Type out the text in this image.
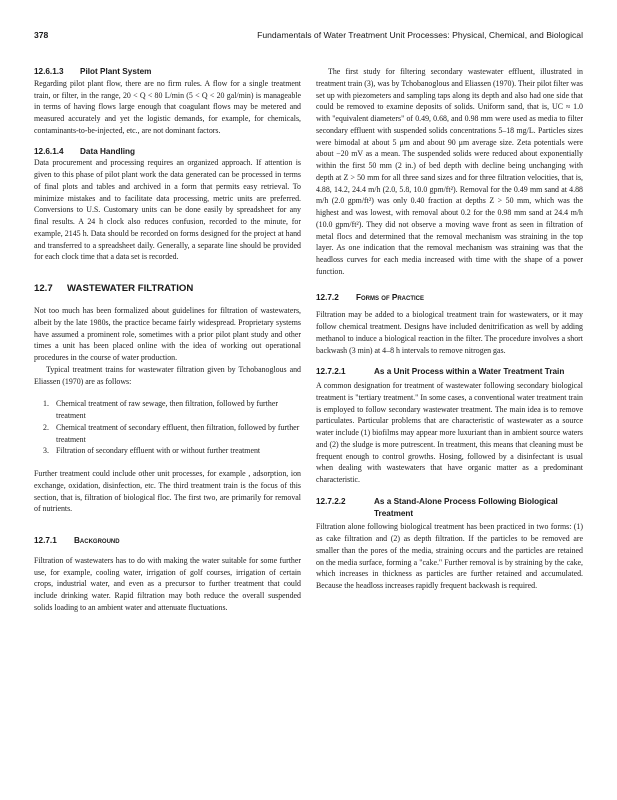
378	Fundamentals of Water Treatment Unit Processes: Physical, Chemical, and Biological
12.6.1.3 Pilot Plant System

Regarding pilot plant flow, there are no firm rules. A flow for a single treatment train, or filter, in the range, 20 < Q < 80 L/min (5 < Q < 20 gal/min) is manageable in terms of having flows large enough that coagulant flows may be metered and measured accurately and yet the logistic demands, for example, for chemicals, contaminants-to-be-injected, etc., are not dominant factors.

12.6.1.4 Data Handling

Data procurement and processing requires an organized approach. If attention is given to this phase of pilot plant work the data generated can be processed in terms of final plots and tables and archived in a form that permits easy retrieval. To minimize mistakes and to facilitate data processing, metric units are preferred. Conversions to U.S. Customary units can be done easily by spreadsheet for any final results. A 24 h clock also reduces confusion, recorded to the minute, for example, 2145 h. Data should be recorded on forms designed for the project at hand and transferred to a spreadsheet daily. Generally, a separate line should be provided for each clock time that a data set is recorded.

12.7 WASTEWATER FILTRATION

Not too much has been formalized about guidelines for filtration of wastewaters, albeit by the late 1980s, the practice became fairly widespread. Proprietary systems have assumed a prominent role, sometimes with a prior pilot plant study and other times a unit has been placed online with the idea of working out operational procedures in the course of water production.

Typical treatment trains for wastewater filtration given by Tchobanoglous and Eliassen (1970) are as follows:

1. Chemical treatment of raw sewage, then filtration, followed by further treatment
2. Chemical treatment of secondary effluent, then filtration, followed by further treatment
3. Filtration of secondary effluent with or without further treatment

Further treatment could include other unit processes, for example , adsorption, ion exchange, oxidation, disinfection, etc. The third treatment train is the focus of this section, that is, filtration of biological floc. The first two, are primarily for removal of nutrients.

12.7.1 Background

Filtration of wastewaters has to do with making the water suitable for some further use, for example, cooling water, irrigation of golf courses, irrigation of certain crops, industrial water, and even as a precursor to further treatment that could include drinking water. Rapid filtration may both reduce the overall suspended solids loading to an ambient water and attenuate fluctuations.

The first study for filtering secondary wastewater effluent, illustrated in treatment train (3), was by Tchobanoglous and Eliassen (1970). Their pilot filter was set up with piezometers and sampling taps along its depth and also had one side that could be removed to examine deposits of solids. Uniform sand, that is, UC ≈ 1.0 with "equivalent diameters" of 0.49, 0.68, and 0.98 mm were used as media to filter secondary effluent with suspended solids concentrations 5–18 mg/L. Particles sizes were bimodal at about 5 μm and about 90 μm average size. Zeta potentials were about −20 mV as a mean. The suspended solids were reduced about exponentially within the first 50 mm (2 in.) of bed depth with decline being unchanging with depth at Z > 50 mm for all three sand sizes and for three filtration velocities, that is, 4.88, 14.2, 24.4 m/h (2.0, 5.8, 10.0 gpm/ft²). Removal for the 0.49 mm sand at 4.88 m/h (2.0 gpm/ft²) was only 0.40 fraction at depths Z > 50 mm, which was the highest and was lowest, with removal about 0.2 for the 0.98 mm sand at 24.4 m/h (10.0 gpm/ft²). They did not observe a moving wave front as seen in filtration of metal flocs and determined that the removal mechanism was straining in the top layer. As one indication that the removal mechanism was straining was that the headloss curves for each media increased with time with the shape of a power function.

12.7.2 Forms of Practice

Filtration may be added to a biological treatment train for wastewaters, or it may follow chemical treatment. Designs have included denitrification as well by adding methanol to induce a biological reaction in the filter. The procedure involves a short backwash (3 min) at 4–8 h intervals to remove nitrogen gas.

12.7.2.1	As a Unit Process within a Water Treatment Train

A common designation for treatment of wastewater following secondary biological treatment is "tertiary treatment." In some cases, a conventional water treatment train is employed to follow secondary wastewater treatment. The main idea is to remove particulates. Particular problems that are characteristic of wastewater as a source water include (1) biofilms may appear more luxuriant than in ambient source waters and (2) the sludge is more putrescent. In treatment, this means that cleaning must be frequent enough to control growths. Hosing, followed by a disinfectant is usual when dealing with wastewaters that have organic matter as a predominant characteristic.

12.7.2.2	As a Stand-Alone Process Following Biological Treatment

Filtration alone following biological treatment has been practiced in two forms: (1) as cake filtration and (2) as depth filtration. If the particles to be removed are smaller than the pores of the media, straining occurs and the particles are retained on the media surface, forming a "cake." Further removal is by straining by the cake, which increases in thickness as particles are further retained and accumulated. Because the headloss increases rapidly frequent backwash is required.
